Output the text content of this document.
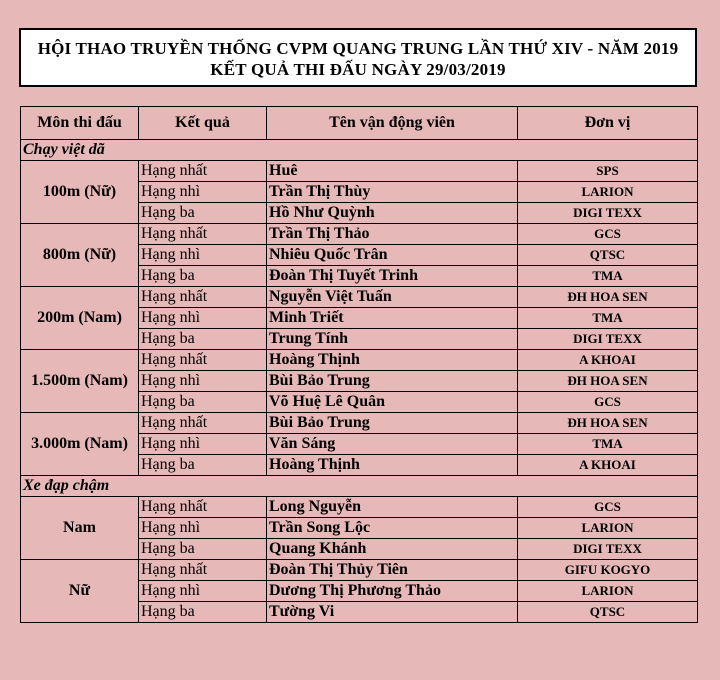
HỘI THAO TRUYỀN THỐNG CVPM QUANG TRUNG LẦN THỨ XIV - NĂM 2019
KẾT QUẢ THI ĐẤU NGÀY 29/03/2019
Môn thi đấu	Kết quả	Tên vận động viên	Đơn vị
Chạy việt dã			
100m (Nữ)	Hạng nhất	Huê	SPS
	Hạng nhì	Trần Thị Thùy	LARION
	Hạng ba	Hồ Như Quỳnh	DIGI TEXX
800m (Nữ)	Hạng nhất	Trần Thị Thảo	GCS
	Hạng nhì	Nhiêu Quốc Trân	QTSC
	Hạng ba	Đoàn Thị Tuyết Trinh	TMA
200m (Nam)	Hạng nhất	Nguyễn Việt Tuấn	ĐH HOA SEN
	Hạng nhì	Minh Triết	TMA
	Hạng ba	Trung Tính	DIGI TEXX
1.500m (Nam)	Hạng nhất	Hoàng Thịnh	A KHOAI
	Hạng nhì	Bùi Bảo Trung	ĐH HOA SEN
	Hạng ba	Võ Huệ Lê Quân	GCS
3.000m (Nam)	Hạng nhất	Bùi Bảo Trung	ĐH HOA SEN
	Hạng nhì	Văn Sáng	TMA
	Hạng ba	Hoàng Thịnh	A KHOAI
Xe đạp chậm			
Nam	Hạng nhất	Long Nguyễn	GCS
	Hạng nhì	Trần Song Lộc	LARION
	Hạng ba	Quang Khánh	DIGI TEXX
Nữ	Hạng nhất	Đoàn Thị Thủy Tiên	GIFU KOGYO
	Hạng nhì	Dương Thị Phương Thảo	LARION
	Hạng ba	Tường Vi	QTSC
